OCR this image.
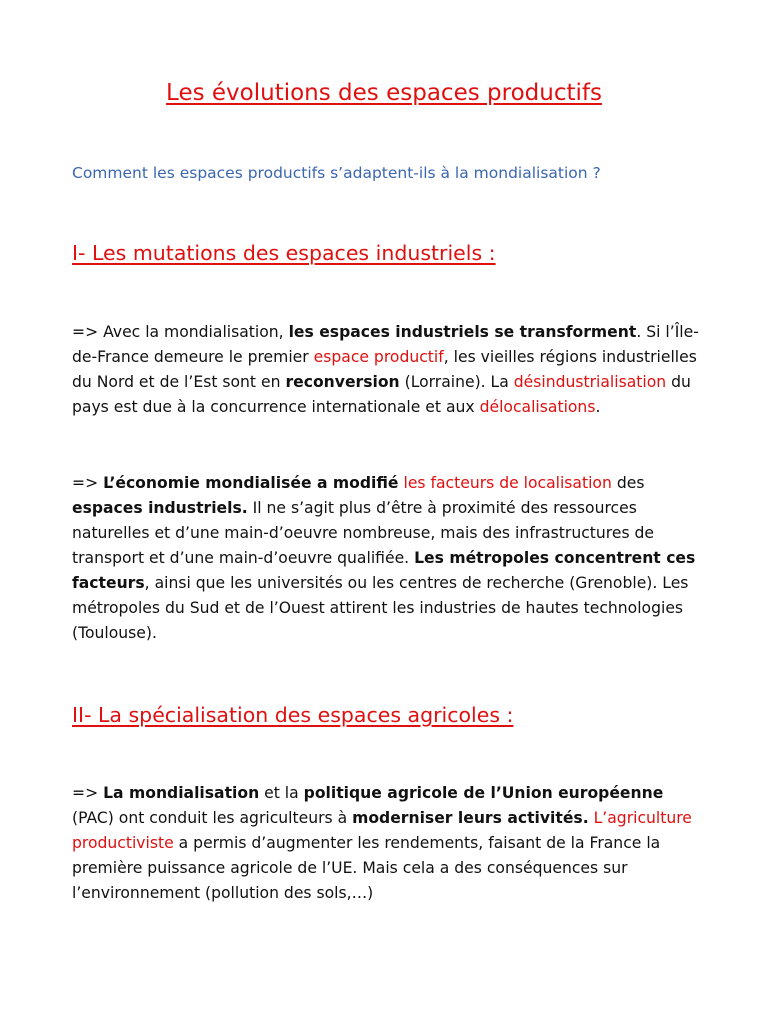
Les évolutions des espaces productifs

Comment les espaces productifs s’adaptent-ils à la mondialisation ?

I- Les mutations des espaces industriels :

=> Avec la mondialisation, les espaces industriels se transforment. Si l’Île-de-France demeure le premier espace productif, les vieilles régions industrielles du Nord et de l’Est sont en reconversion (Lorraine). La désindustrialisation du pays est due à la concurrence internationale et aux délocalisations.

=> L’économie mondialisée a modifié les facteurs de localisation des espaces industriels. Il ne s’agit plus d’être à proximité des ressources naturelles et d’une main-d’oeuvre nombreuse, mais des infrastructures de transport et d’une main-d’oeuvre qualifiée. Les métropoles concentrent ces facteurs, ainsi que les universités ou les centres de recherche (Grenoble). Les métropoles du Sud et de l’Ouest attirent les industries de hautes technologies (Toulouse).

II- La spécialisation des espaces agricoles :

=> La mondialisation et la politique agricole de l’Union européenne (PAC) ont conduit les agriculteurs à moderniser leurs activités. L’agriculture productiviste a permis d’augmenter les rendements, faisant de la France la première puissance agricole de l’UE. Mais cela a des conséquences sur l’environnement (pollution des sols,…)
